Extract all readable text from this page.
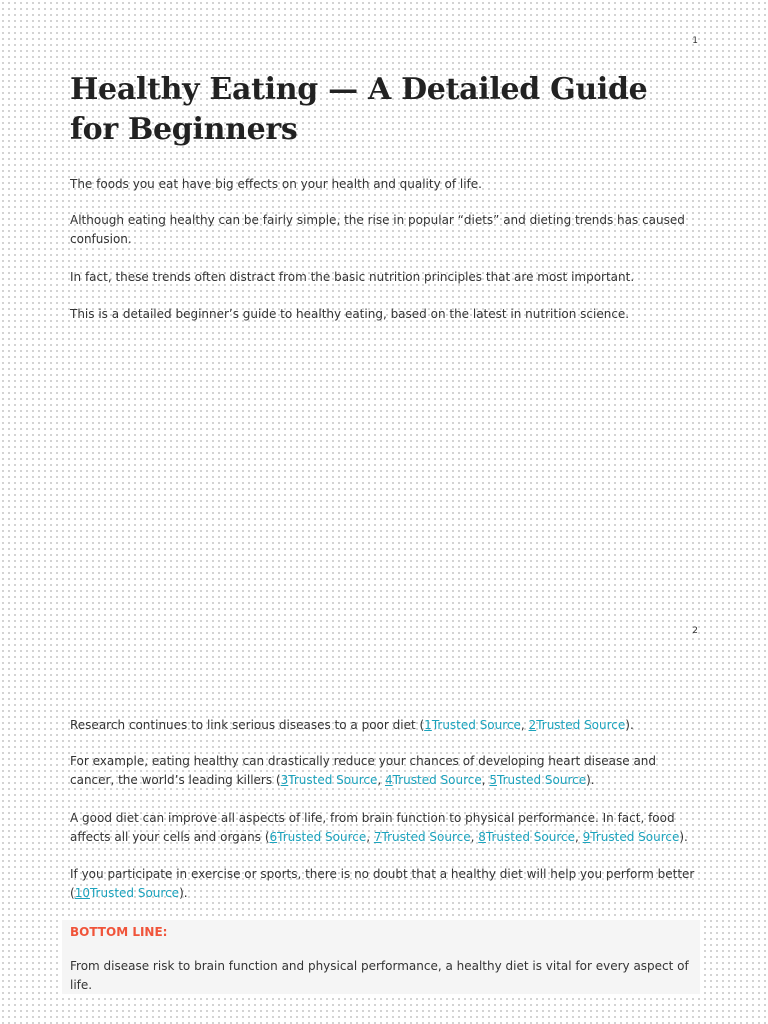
1
Healthy Eating — A Detailed Guide for Beginners

The foods you eat have big effects on your health and quality of life.

Although eating healthy can be fairly simple, the rise in popular “diets” and dieting trends has caused confusion.

In fact, these trends often distract from the basic nutrition principles that are most important.

This is a detailed beginner’s guide to healthy eating, based on the latest in nutrition science.

2

Research continues to link serious diseases to a poor diet (1Trusted Source, 2Trusted Source).

For example, eating healthy can drastically reduce your chances of developing heart disease and cancer, the world’s leading killers (3Trusted Source, 4Trusted Source, 5Trusted Source).

A good diet can improve all aspects of life, from brain function to physical performance. In fact, food affects all your cells and organs (6Trusted Source, 7Trusted Source, 8Trusted Source, 9Trusted Source).

If you participate in exercise or sports, there is no doubt that a healthy diet will help you perform better (10Trusted Source).

BOTTOM LINE:

From disease risk to brain function and physical performance, a healthy diet is vital for every aspect of life.
